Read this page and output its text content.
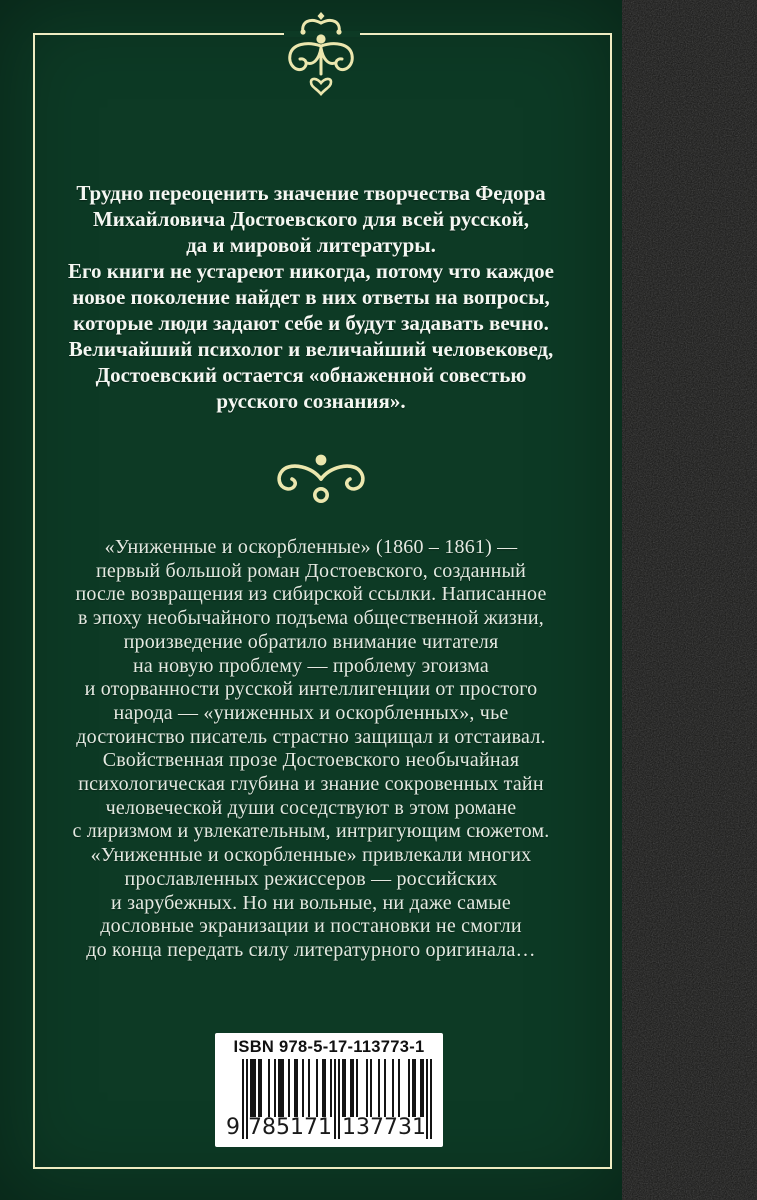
Трудно переоценить значение творчества Федора
Михайловича Достоевского для всей русской,
да и мировой литературы.
Его книги не устареют никогда, потому что каждое
новое поколение найдет в них ответы на вопросы,
которые люди задают себе и будут задавать вечно.
Величайший психолог и величайший человековед,
Достоевский остается «обнаженной совестью
русского сознания».
«Униженные и оскорбленные» (1860 – 1861) —
первый большой роман Достоевского, созданный
после возвращения из сибирской ссылки. Написанное
в эпоху необычайного подъема общественной жизни,
произведение обратило внимание читателя
на новую проблему — проблему эгоизма
и оторванности русской интеллигенции от простого
народа — «униженных и оскорбленных», чье
достоинство писатель страстно защищал и отстаивал.
Свойственная прозе Достоевского необычайная
психологическая глубина и знание сокровенных тайн
человеческой души соседствуют в этом романе
с лиризмом и увлекательным, интригующим сюжетом.
«Униженные и оскорбленные» привлекали многих
прославленных режиссеров — российских
и зарубежных. Но ни вольные, ни даже самые
дословные экранизации и постановки не смогли
до конца передать силу литературного оригинала…
ISBN 978-5-17-113773-1
9 785171 137731
